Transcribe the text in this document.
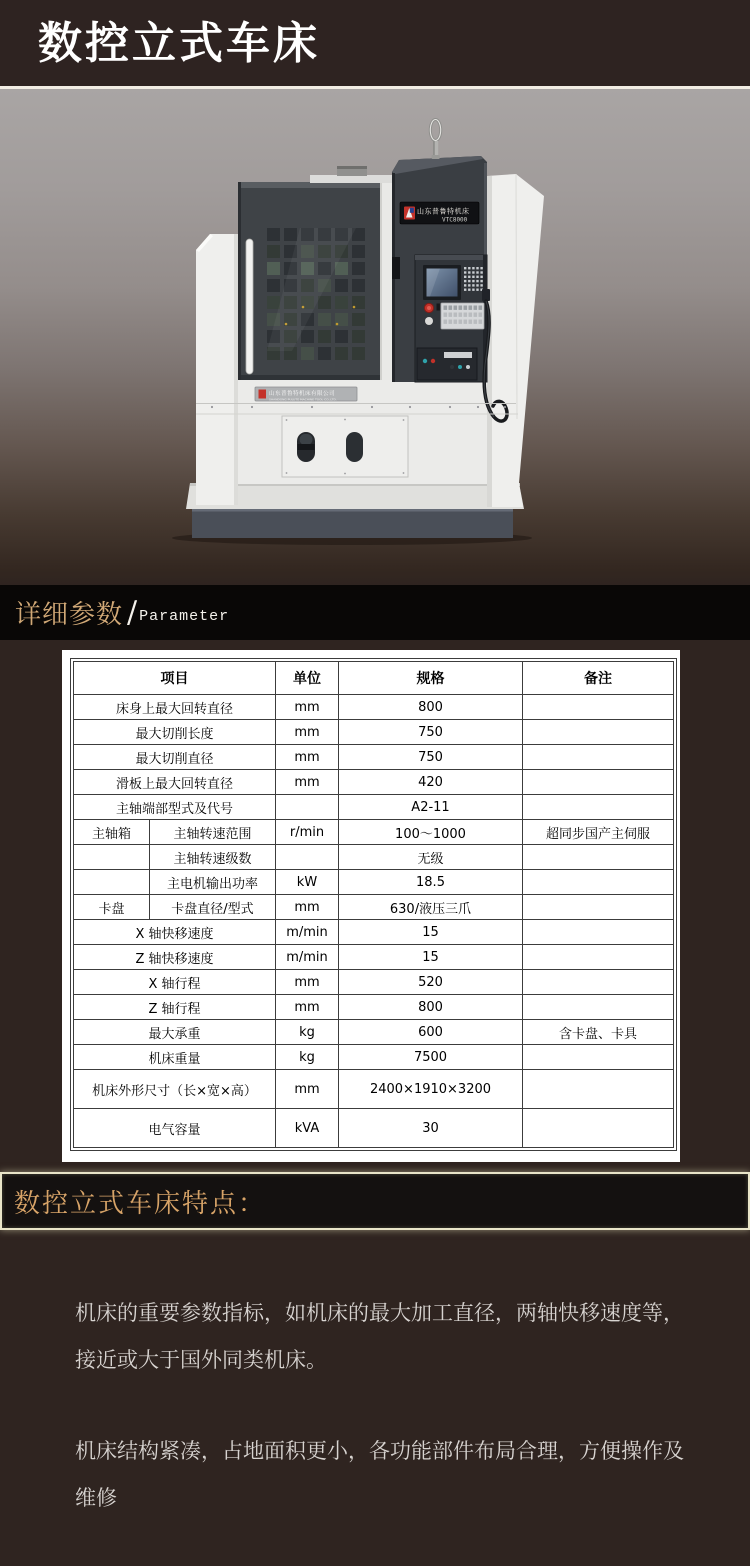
数控立式车床
山东普鲁特机床
VTC8000
山东普鲁特机床有限公司
SHANDONG PULUTE MACHINE TOOL CO.,LTD.
详细参数 / Parameter
项目		单位	规格	备注
床身上最大回转直径		mm	800	
最大切削长度		mm	750	
最大切削直径		mm	750	
滑板上最大回转直径		mm	420	
主轴端部型式及代号			A2-11	
主轴箱	主轴转速范围	r/min	100～1000	超同步国产主伺服
	主轴转速级数		无级	
	主电机输出功率	kW	18.5	
卡盘	卡盘直径/型式	mm	630/液压三爪	
X 轴快移速度		m/min	15	
Z 轴快移速度		m/min	15	
X 轴行程		mm	520	
Z 轴行程		mm	800	
最大承重		kg	600	含卡盘、卡具
机床重量		kg	7500	
机床外形尺寸（长×宽×高）		mm	2400×1910×3200	
电气容量		kVA	30	
数控立式车床特点：

机床的重要参数指标，如机床的最大加工直径，两轴快移速度等，接近或大于国外同类机床。

机床结构紧凑，占地面积更小，各功能部件布局合理，方便操作及维修
